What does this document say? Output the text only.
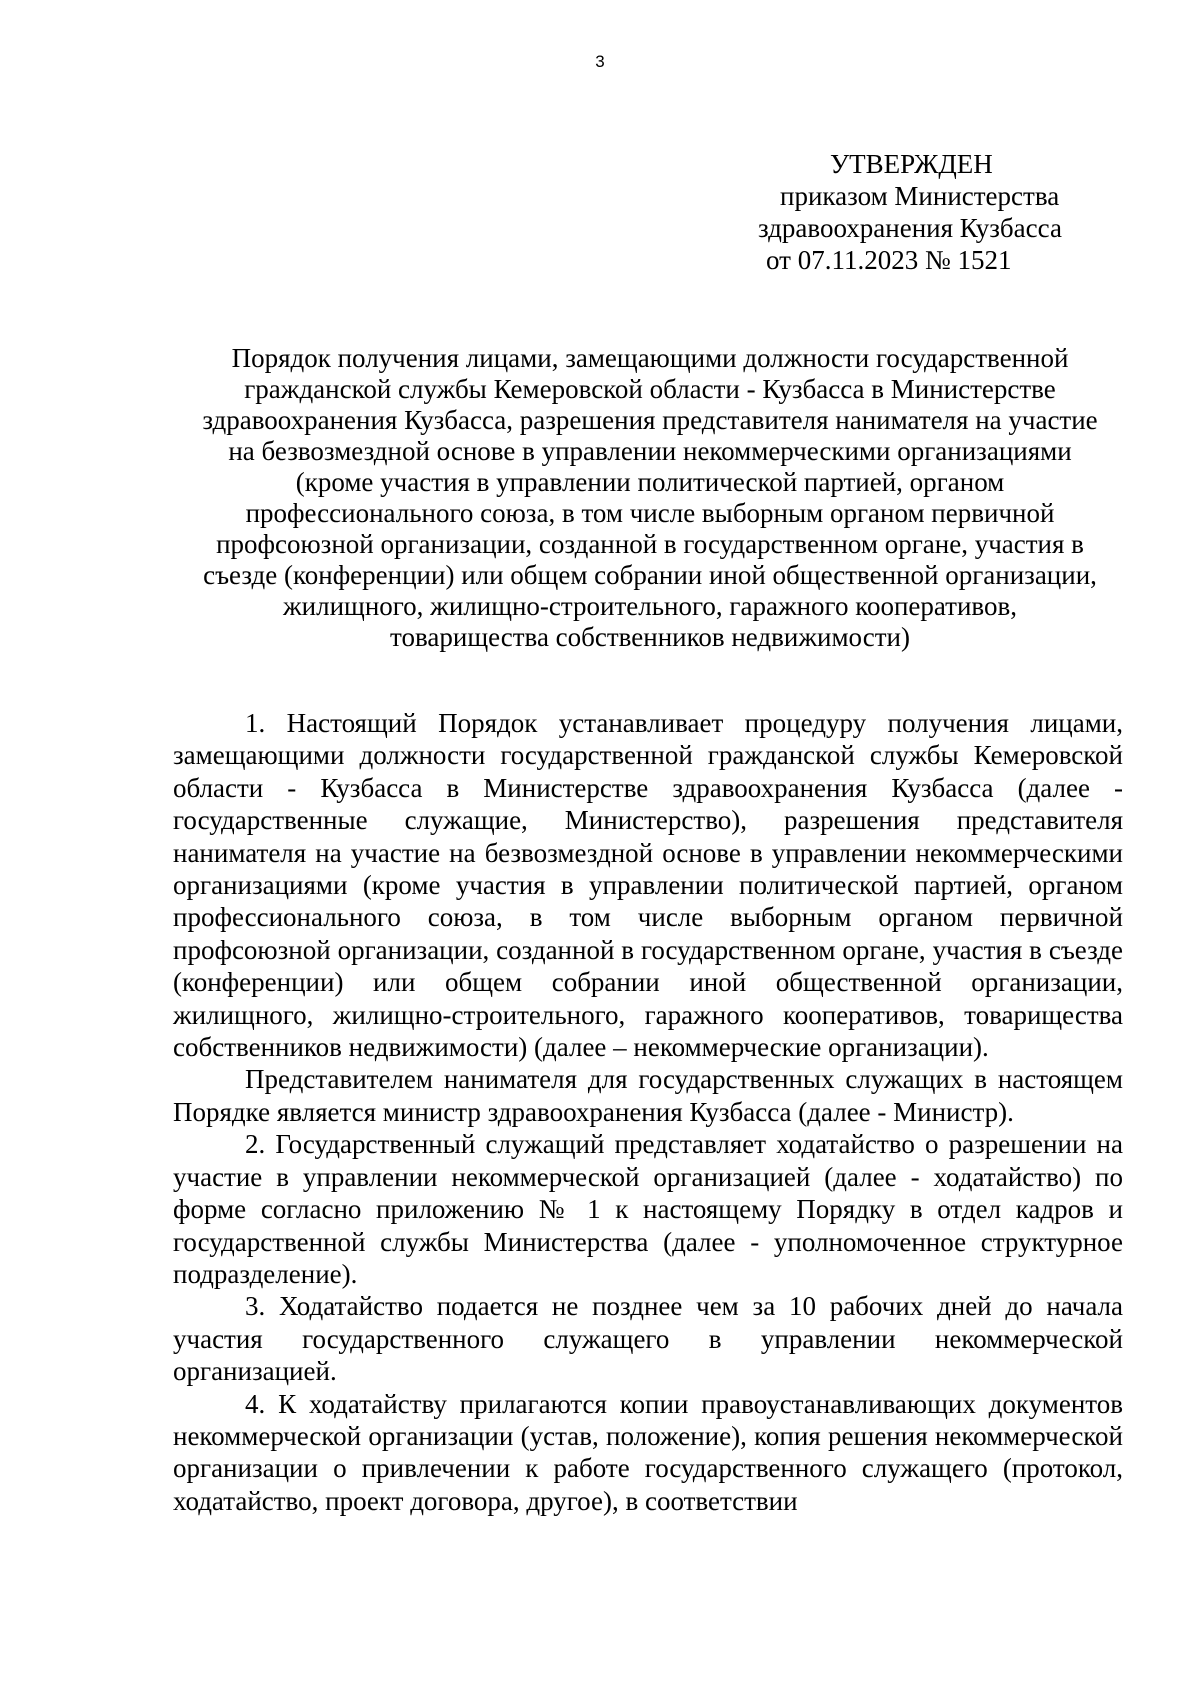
3
УТВЕРЖДЕН
приказом Министерства
здравоохранения Кузбасса
от 07.11.2023 № 1521
Порядок получения лицами, замещающими должности государственной
гражданской службы Кемеровской области - Кузбасса в Министерстве
здравоохранения Кузбасса, разрешения представителя нанимателя на участие
на безвозмездной основе в управлении некоммерческими организациями
(кроме участия в управлении политической партией, органом
профессионального союза, в том числе выборным органом первичной
профсоюзной организации, созданной в государственном органе, участия в
съезде (конференции) или общем собрании иной общественной организации,
жилищного, жилищно-строительного, гаражного кооперативов,
товарищества собственников недвижимости)

1. Настоящий Порядок устанавливает процедуру получения лицами, замещающими должности государственной гражданской службы Кемеровской области - Кузбасса в Министерстве здравоохранения Кузбасса (далее - государственные служащие, Министерство), разрешения представителя нанимателя на участие на безвозмездной основе в управлении некоммерческими организациями (кроме участия в управлении политической партией, органом профессионального союза, в том числе выборным органом первичной профсоюзной организации, созданной в государственном органе, участия в съезде (конференции) или общем собрании иной общественной организации, жилищного, жилищно-строительного, гаражного кооперативов, товарищества собственников недвижимости) (далее – некоммерческие организации).

Представителем нанимателя для государственных служащих в настоящем Порядке является министр здравоохранения Кузбасса (далее - Министр).

2. Государственный служащий представляет ходатайство о разрешении на участие в управлении некоммерческой организацией (далее - ходатайство) по форме согласно приложению № 1 к настоящему Порядку в отдел кадров и государственной службы Министерства (далее - уполномоченное структурное подразделение).

3. Ходатайство подается не позднее чем за 10 рабочих дней до начала участия государственного служащего в управлении некоммерческой организацией.

4. К ходатайству прилагаются копии правоустанавливающих документов некоммерческой организации (устав, положение), копия решения некоммерческой организации о привлечении к работе государственного служащего (протокол, ходатайство, проект договора, другое), в соответствии
